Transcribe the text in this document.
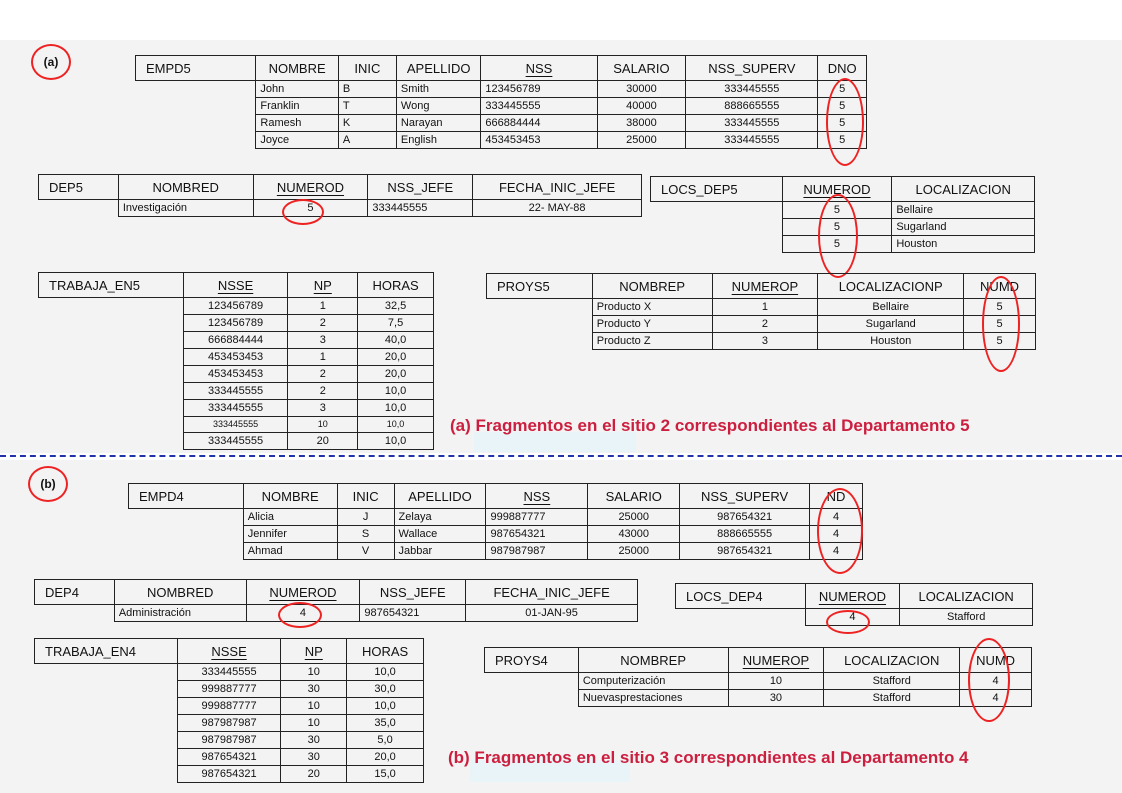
(a)
(b)
EMPD5	NOMBRE	INIC	APELLIDO	NSS	SALARIO	NSS_SUPERV	DNO
	John	B	Smith	123456789	30000	333445555	5
	Franklin	T	Wong	333445555	40000	888665555	5
	Ramesh	K	Narayan	666884444	38000	333445555	5
	Joyce	A	English	453453453	25000	333445555	5
DEP5	NOMBRED	NUMEROD	NSS_JEFE	FECHA_INIC_JEFE
	Investigación	5	333445555	22- MAY-88
LOCS_DEP5	NUMEROD	LOCALIZACION
	5	Bellaire
	5	Sugarland
	5	Houston
TRABAJA_EN5	NSSE	NP	HORAS
	123456789	1	32,5
	123456789	2	7,5
	666884444	3	40,0
	453453453	1	20,0
	453453453	2	20,0
	333445555	2	10,0
	333445555	3	10,0
	333445555	10	10,0
	333445555	20	10,0
PROYS5	NOMBREP	NUMEROP	LOCALIZACIONP	NUMD
	Producto X	1	Bellaire	5
	Producto Y	2	Sugarland	5
	Producto Z	3	Houston	5
(a) Fragmentos en el sitio 2 correspondientes al Departamento 5
EMPD4	NOMBRE	INIC	APELLIDO	NSS	SALARIO	NSS_SUPERV	ND
	Alicia	J	Zelaya	999887777	25000	987654321	4
	Jennifer	S	Wallace	987654321	43000	888665555	4
	Ahmad	V	Jabbar	987987987	25000	987654321	4
DEP4	NOMBRED	NUMEROD	NSS_JEFE	FECHA_INIC_JEFE
	Administración	4	987654321	01-JAN-95
LOCS_DEP4	NUMEROD	LOCALIZACION
	4	Stafford
TRABAJA_EN4	NSSE	NP	HORAS
	333445555	10	10,0
	999887777	30	30,0
	999887777	10	10,0
	987987987	10	35,0
	987987987	30	5,0
	987654321	30	20,0
	987654321	20	15,0
PROYS4	NOMBREP	NUMEROP	LOCALIZACION	NUMD
	Computerización	10	Stafford	4
	Nuevasprestaciones	30	Stafford	4
(b) Fragmentos en el sitio 3 correspondientes al Departamento 4
